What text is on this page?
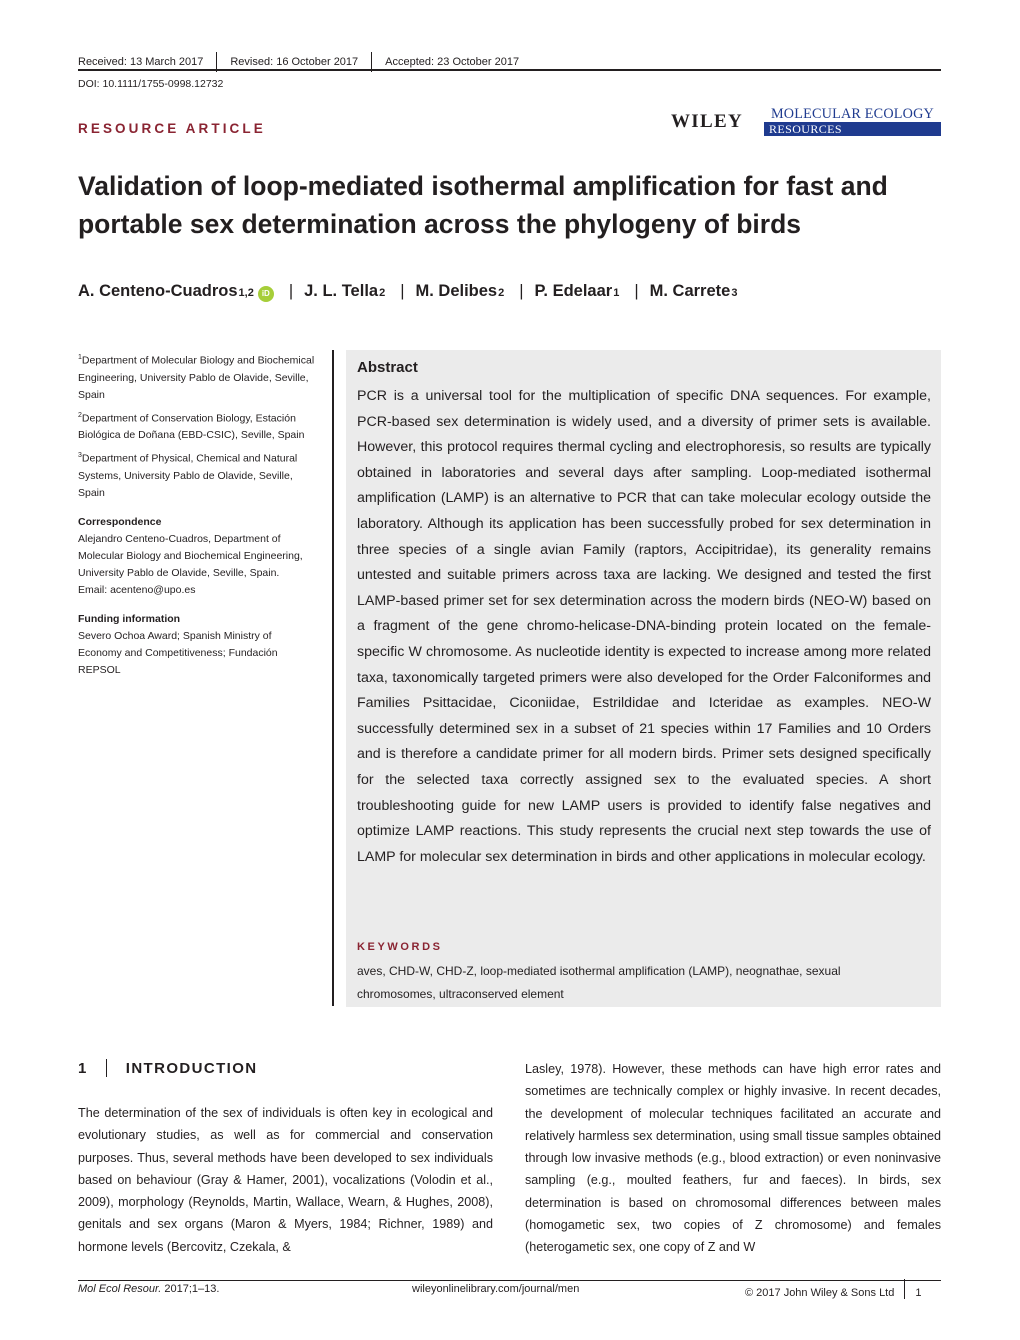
Received: 13 March 2017 Revised: 16 October 2017 Accepted: 23 October 2017
DOI: 10.1111/1755-0998.12732
RESOURCE ARTICLE	WILEY	MOLECULAR ECOLOGY
RESOURCES
Validation of loop-mediated isothermal amplification for fast and portable sex determination across the phylogeny of birds
A. Centeno-Cuadros 1,2	iD | J. L. Tella 2 | M. Delibes 2 | P. Edelaar 1 | M. Carrete 3
$^1$Department of Molecular Biology and Biochemical Engineering, University Pablo de Olavide, Seville, Spain
$^2$Department of Conservation Biology, Estación Biológica de Doñana (EBD-CSIC), Seville, Spain
$^3$Department of Physical, Chemical and Natural Systems, University Pablo de Olavide, Seville, Spain
Correspondence
Alejandro Centeno-Cuadros, Department of Molecular Biology and Biochemical Engineering, University Pablo de Olavide, Seville, Spain.
Email: acenteno@upo.es
Funding information
Severo Ochoa Award; Spanish Ministry of Economy and Competitiveness; Fundación REPSOL
Abstract

PCR is a universal tool for the multiplication of specific DNA sequences. For example, PCR-based sex determination is widely used, and a diversity of primer sets is available. However, this protocol requires thermal cycling and electrophoresis, so results are typically obtained in laboratories and several days after sampling. Loop-mediated isothermal amplification (LAMP) is an alternative to PCR that can take molecular ecology outside the laboratory. Although its application has been successfully probed for sex determination in three species of a single avian Family (raptors, Accipitridae), its generality remains untested and suitable primers across taxa are lacking. We designed and tested the first LAMP-based primer set for sex determination across the modern birds (NEO-W) based on a fragment of the gene chromo-helicase-DNA-binding protein located on the female-specific W chromosome. As nucleotide identity is expected to increase among more related taxa, taxonomically targeted primers were also developed for the Order Falconiformes and Families Psittacidae, Ciconiidae, Estrildidae and Icteridae as examples. NEO-W successfully determined sex in a subset of 21 species within 17 Families and 10 Orders and is therefore a candidate primer for all modern birds. Primer sets designed specifically for the selected taxa correctly assigned sex to the evaluated species. A short troubleshooting guide for new LAMP users is provided to identify false negatives and optimize LAMP reactions. This study represents the crucial next step towards the use of LAMP for molecular sex determination in birds and other applications in molecular ecology.

KEYWORDS
aves, CHD-W, CHD-Z, loop-mediated isothermal amplification (LAMP), neognathae, sexual chromosomes, ultraconserved element
1	INTRODUCTION

The determination of the sex of individuals is often key in ecological and evolutionary studies, as well as for commercial and conservation purposes. Thus, several methods have been developed to sex individuals based on behaviour (Gray & Hamer, 2001), vocalizations (Volodin et al., 2009), morphology (Reynolds, Martin, Wallace, Wearn, & Hughes, 2008), genitals and sex organs (Maron & Myers, 1984; Richner, 1989) and hormone levels (Bercovitz, Czekala, &

Lasley, 1978). However, these methods can have high error rates and sometimes are technically complex or highly invasive. In recent decades, the development of molecular techniques facilitated an accurate and relatively harmless sex determination, using small tissue samples obtained through low invasive methods (e.g., blood extraction) or even noninvasive sampling (e.g., moulted feathers, fur and faeces). In birds, sex determination is based on chromosomal differences between males (homogametic sex, two copies of Z chromosome) and females (heterogametic sex, one copy of Z and W

Mol Ecol Resour. 2017;1–13.	wileyonlinelibrary.com/journal/men	© 2017 John Wiley & Sons Ltd 1
